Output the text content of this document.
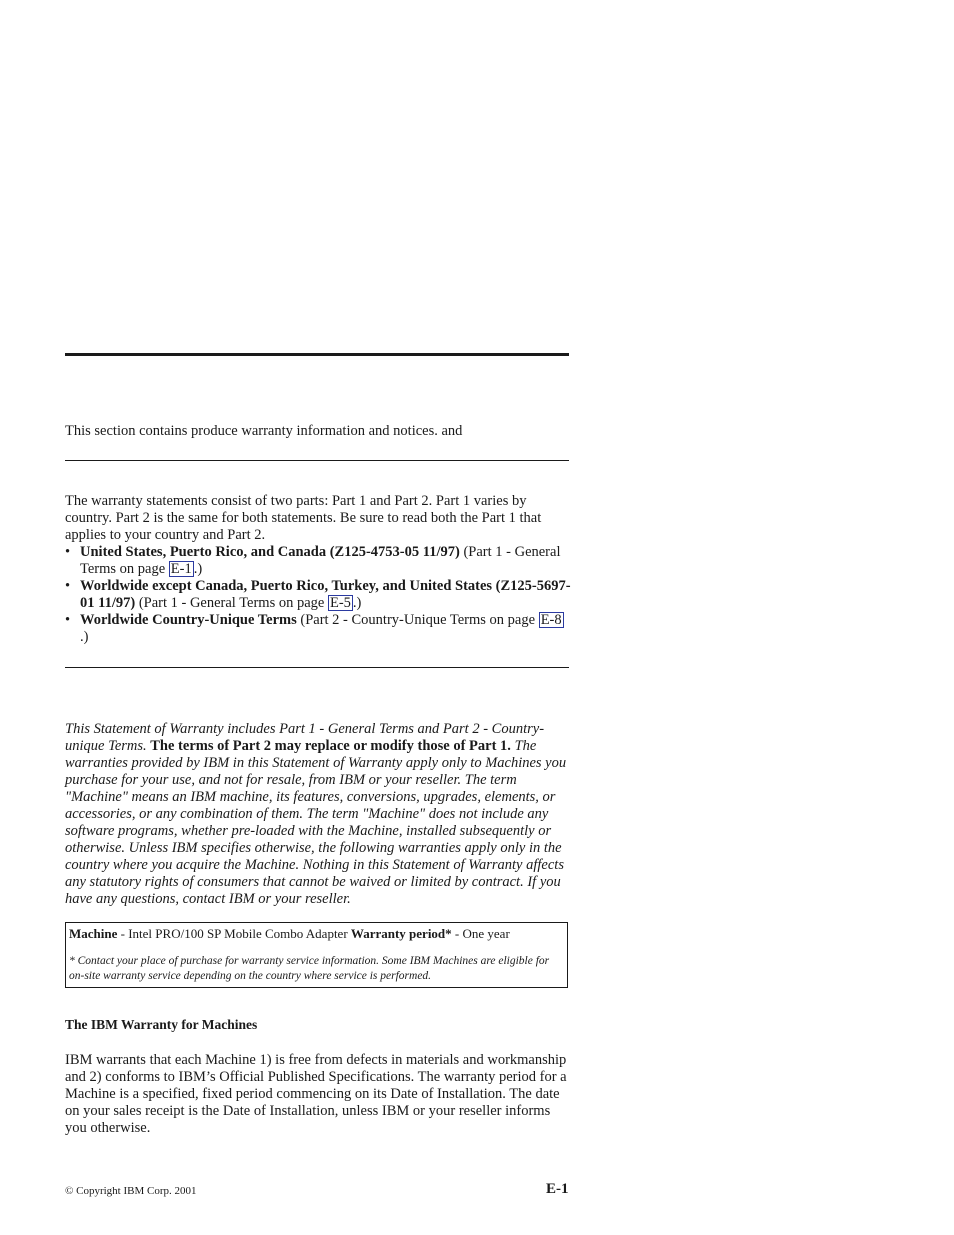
This section contains produce warranty information and notices. and
The warranty statements consist of two parts: Part 1 and Part 2. Part 1 varies by country. Part 2 is the same for both statements. Be sure to read both the Part 1 that applies to your country and Part 2.
• United States, Puerto Rico, and Canada (Z125-4753-05 11/97) (Part 1 - General Terms on page E-1 .)
• Worldwide except Canada, Puerto Rico, Turkey, and United States (Z125-5697-01 11/97) (Part 1 - General Terms on page E-5 .)
• Worldwide Country-Unique Terms (Part 2 - Country-Unique Terms on page E-8.)
This Statement of Warranty includes Part 1 - General Terms and Part 2 - Country-unique Terms. The terms of Part 2 may replace or modify those of Part 1. The warranties provided by IBM in this Statement of Warranty apply only to Machines you purchase for your use, and not for resale, from IBM or your reseller. The term "Machine" means an IBM machine, its features, conversions, upgrades, elements, or accessories, or any combination of them. The term "Machine" does not include any software programs, whether pre-loaded with the Machine, installed subsequently or otherwise. Unless IBM specifies otherwise, the following warranties apply only in the country where you acquire the Machine. Nothing in this Statement of Warranty affects any statutory rights of consumers that cannot be waived or limited by contract. If you have any questions, contact IBM or your reseller.
Machine - Intel PRO/100 SP Mobile Combo Adapter Warranty period* - One year
* Contact your place of purchase for warranty service information. Some IBM Machines are eligible for on-site warranty service depending on the country where service is performed.
The IBM Warranty for Machines
IBM warrants that each Machine 1) is free from defects in materials and workmanship and 2) conforms to IBM’s Official Published Specifications. The warranty period for a Machine is a specified, fixed period commencing on its Date of Installation. The date on your sales receipt is the Date of Installation, unless IBM or your reseller informs you otherwise.
© Copyright IBM Corp. 2001	E-1
